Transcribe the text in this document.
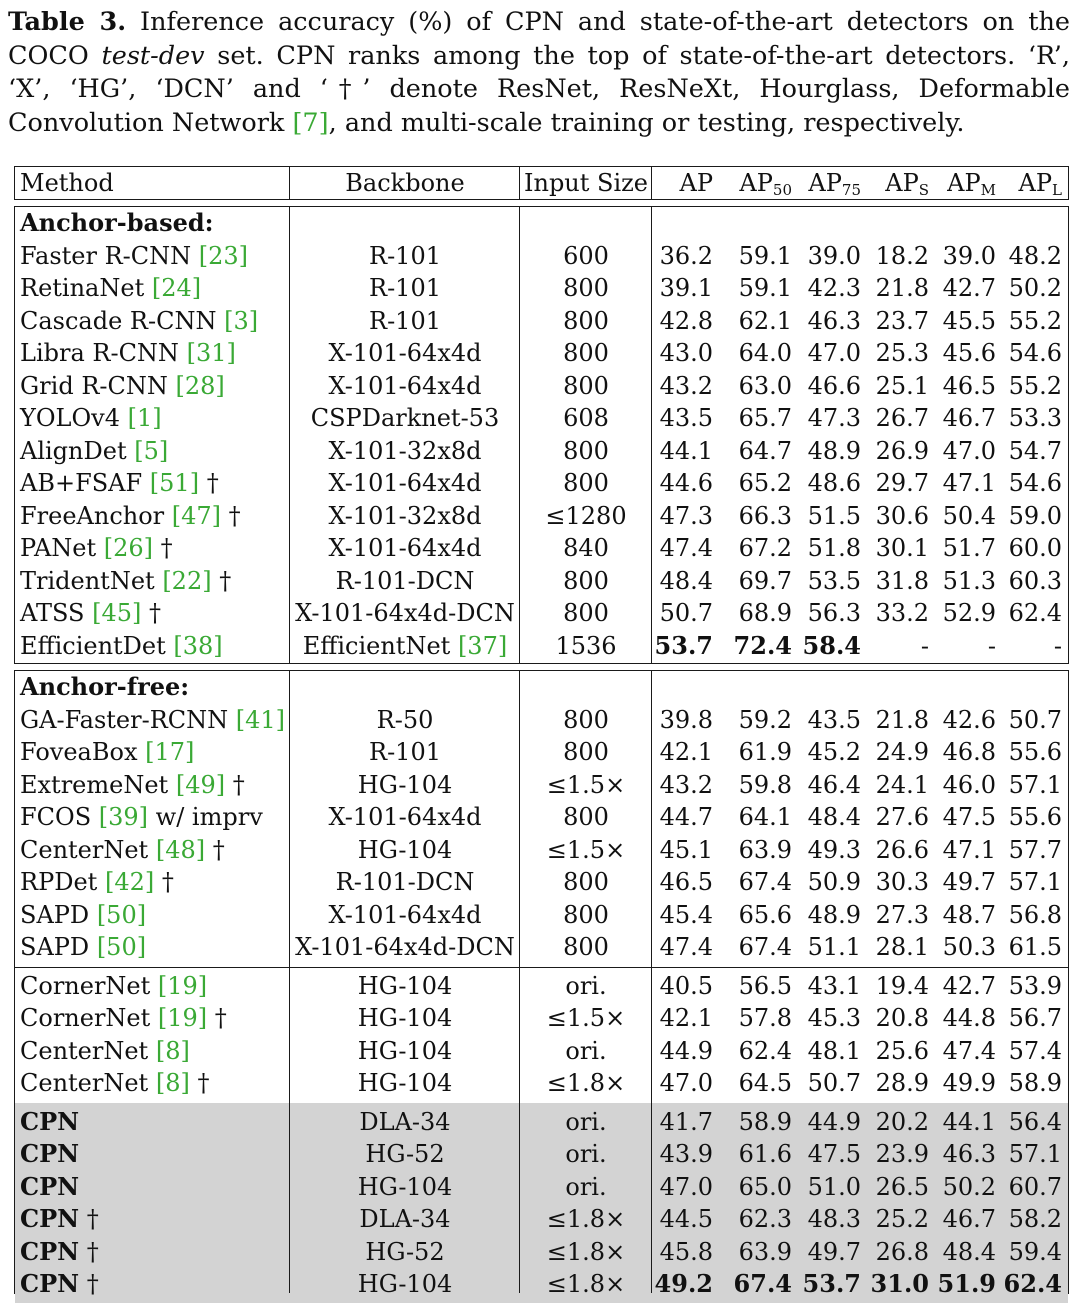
Table 3. Inference accuracy (%) of CPN and state-of-the-art detectors on the COCO test-dev set. CPN ranks among the top of state-of-the-art detectors. ‘R’, ‘X’, ‘HG’, ‘DCN’ and ‘†’ denote ResNet, ResNeXt, Hourglass, Deformable Convolution Network [7], and multi-scale training or testing, respectively.
Method	Backbone	Input Size	AP	$AP_{50}$ $AP_{75}$	$AP_S$ $AP_M$ $AP_L$
Anchor-based:
Faster R-CNN [23]	R-101	600	36.2	59.1 39.0 18.2 39.0 48.2
RetinaNet [24]	R-101	800	39.1	59.1 42.3 21.8 42.7 50.2
Cascade R-CNN [3]	R-101	800	42.8	62.1 46.3 23.7 45.5 55.2
Libra R-CNN [31]	X-101-64x4d	800	43.0	64.0 47.0 25.3 45.6 54.6
Grid R-CNN [28]	X-101-64x4d	800	43.2	63.0 46.6 25.1 46.5 55.2
YOLOv4 [1]	CSPDarknet-53	608	43.5	65.7 47.3 26.7 46.7 53.3
AlignDet [5]	X-101-32x8d	800	44.1	64.7 48.9 26.9 47.0 54.7
AB+FSAF [51] †	X-101-64x4d	800	44.6	65.2 48.6 29.7 47.1 54.6
FreeAnchor [47] †	X-101-32x8d	≤1280	47.3	66.3 51.5 30.6 50.4 59.0
PANet [26] †	X-101-64x4d	840	47.4	67.2 51.8 30.1 51.7 60.0
TridentNet [22] †	R-101-DCN	800	48.4	69.7 53.5 31.8 51.3 60.3
ATSS [45] †	X-101-64x4d-DCN	800	50.7	68.9 56.3 33.2 52.9 62.4
EfficientDet [38]	EfficientNet [37]	1536	53.7 72.4 58.4	-	-	-
Anchor-free:
GA-Faster-RCNN [41]	R-50	800	39.8	59.2 43.5 21.8 42.6 50.7
FoveaBox [17]	R-101	800	42.1	61.9 45.2 24.9 46.8 55.6
ExtremeNet [49] †	HG-104	≤1.5×	43.2	59.8 46.4 24.1 46.0 57.1
FCOS [39] w/ imprv	X-101-64x4d	800	44.7	64.1 48.4 27.6 47.5 55.6
CenterNet [48] †	HG-104	≤1.5×	45.1	63.9 49.3 26.6 47.1 57.7
RPDet [42] †	R-101-DCN	800	46.5	67.4 50.9 30.3 49.7 57.1
SAPD [50]	X-101-64x4d	800	45.4	65.6 48.9 27.3 48.7 56.8
SAPD [50]	X-101-64x4d-DCN	800	47.4	67.4 51.1 28.1 50.3 61.5
CornerNet [19]	HG-104	ori.	40.5	56.5 43.1 19.4 42.7 53.9
CornerNet [19] †	HG-104	≤1.5×	42.1	57.8 45.3 20.8 44.8 56.7
CenterNet [8]	HG-104	ori.	44.9	62.4 48.1 25.6 47.4 57.4
CenterNet [8] †	HG-104	≤1.8×	47.0	64.5 50.7 28.9 49.9 58.9
CPN	DLA-34	ori.	41.7	58.9 44.9 20.2 44.1 56.4
CPN	HG-52	ori.	43.9	61.6 47.5 23.9 46.3 57.1
CPN	HG-104	ori.	47.0	65.0 51.0 26.5 50.2 60.7
CPN †	DLA-34	≤1.8×	44.5	62.3 48.3 25.2 46.7 58.2
CPN †	HG-52	≤1.8×	45.8	63.9 49.7 26.8 48.4 59.4
CPN †	HG-104	≤1.8×	49.2 67.4 53.7 31.0 51.9 62.4
